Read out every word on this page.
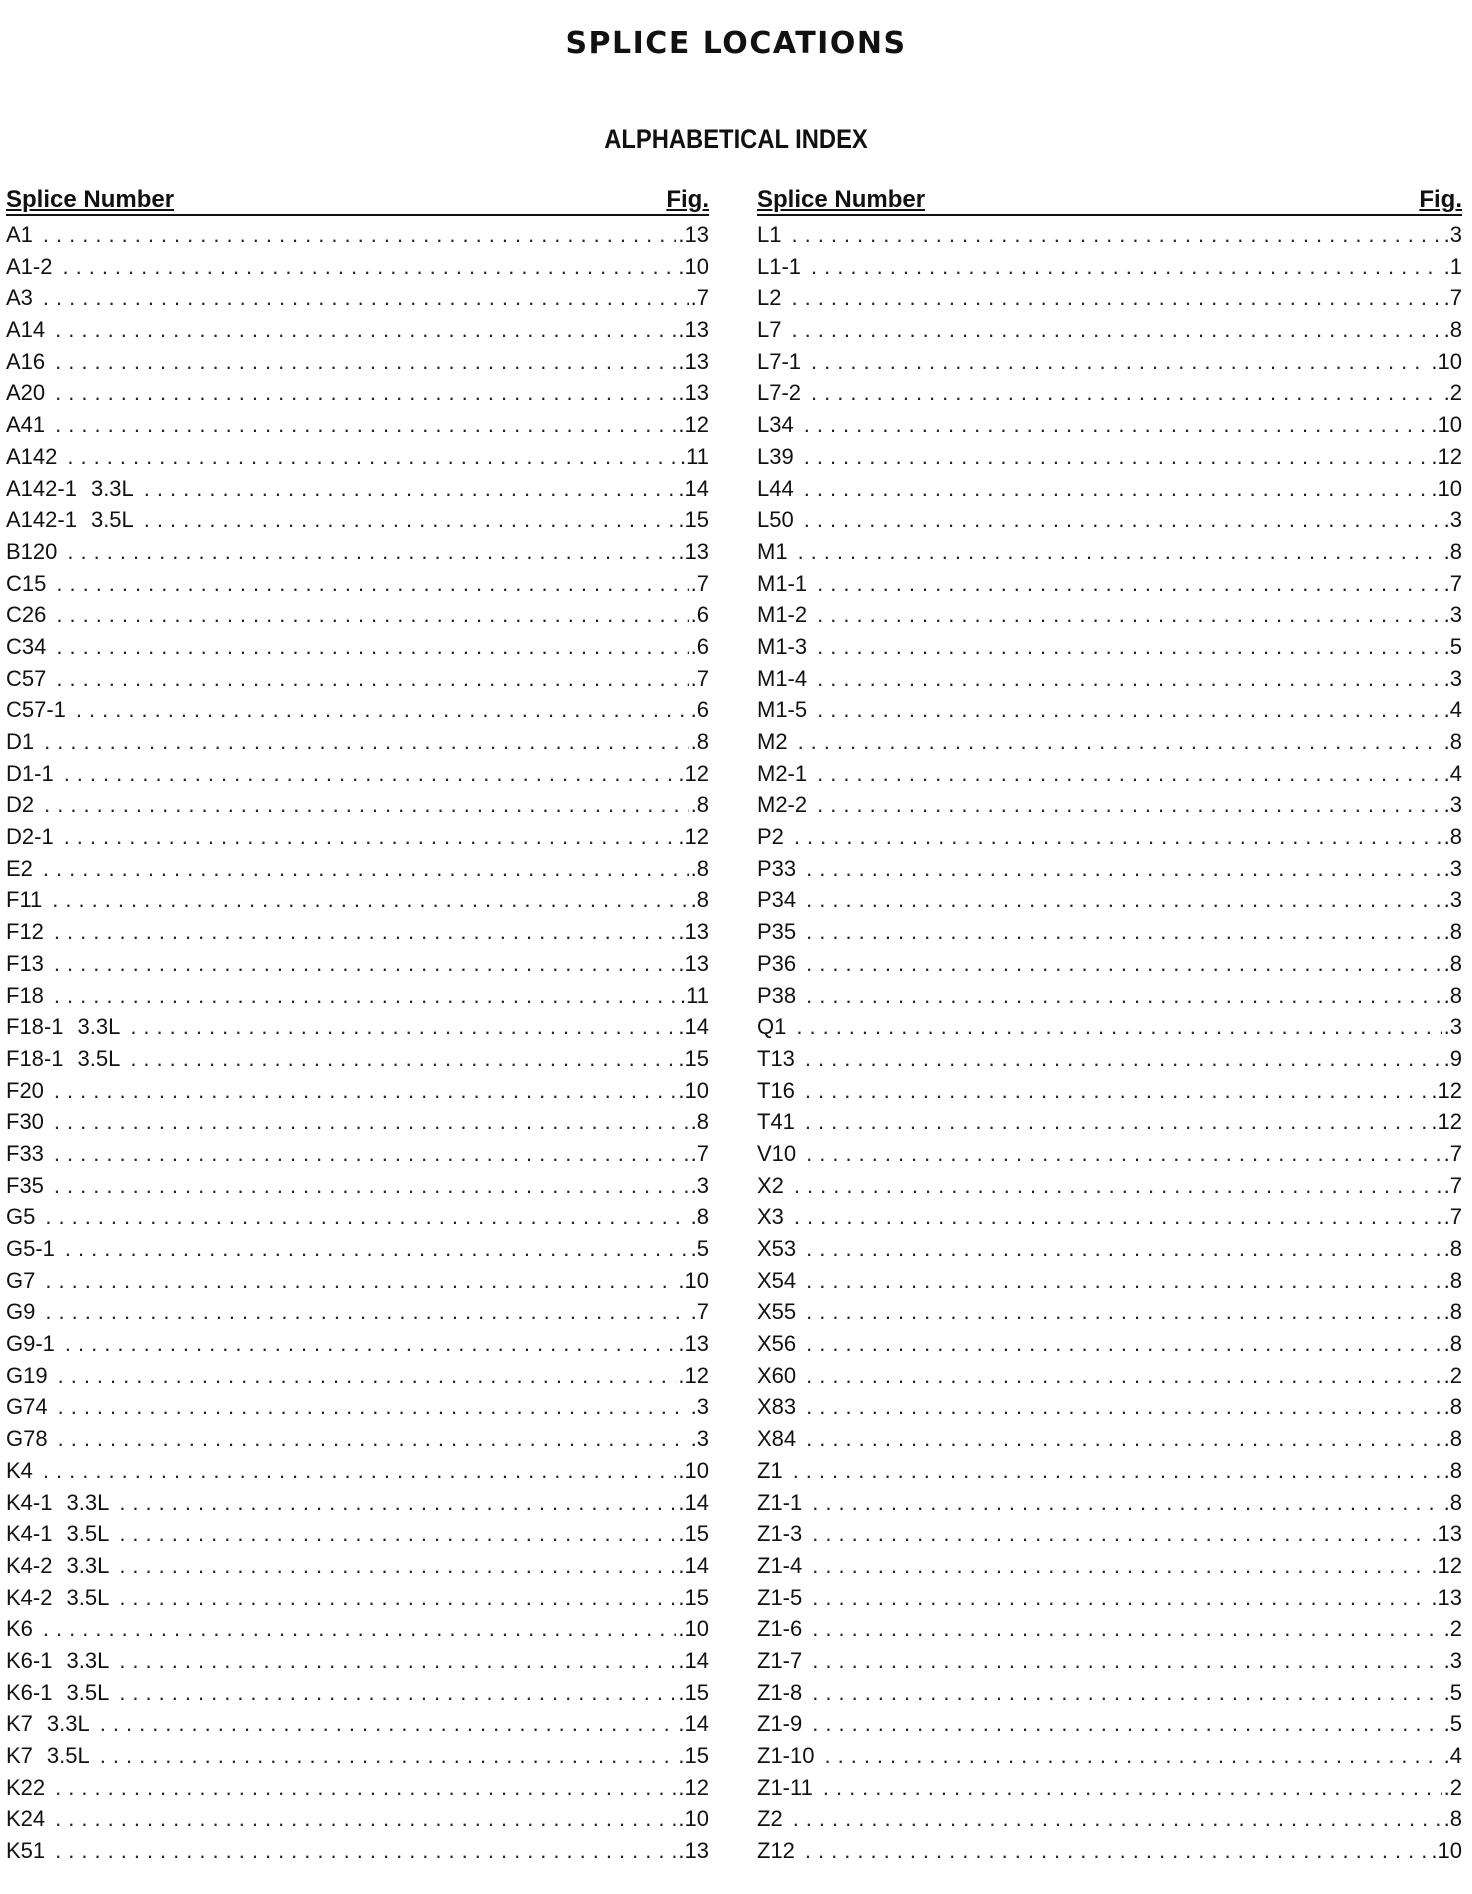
SPLICE LOCATIONS
ALPHABETICAL INDEX
Splice Number	Fig.
A1 .....	.13
A1-2 .....	.10
A3 .....	.7
A14 .....	.13
A16 .....	.13
A20 .....	.13
A41 .....	.12
A142 .....	.11
A142-1 3.3L .....	.14
A142-1 3.5L .....	.15
B120 .....	.13
C15 .....	.7
C26 .....	.6
C34 .....	.6
C57 .....	.7
C57-1 .....	.6
D1 .....	.8
D1-1 .....	.12
D2 .....	.8
D2-1 .....	.12
E2 .....	.8
F11 .....	.8
F12 .....	.13
F13 .....	.13
F18 .....	.11
F18-1 3.3L .....	.14
F18-1 3.5L .....	.15
F20 .....	.10
F30 .....	.8
F33 .....	.7
F35 .....	.3
G5 .....	.8
G5-1 .....	.5
G7 .....	.10
G9 .....	.7
G9-1 .....	.13
G19 .....	.12
G74 .....	.3
G78 .....	.3
K4 .....	.10
K4-1 3.3L .....	.14
K4-1 3.5L .....	.15
K4-2 3.3L .....	.14
K4-2 3.5L .....	.15
K6 .....	.10
K6-1 3.3L .....	.14
K6-1 3.5L .....	.15
K7 3.3L .....	.14
K7 3.5L .....	.15
K22 .....	.12
K24 .....	.10
K51 .....	.13
Splice Number	Fig.
L1 .....	.3
L1-1 .....	.1
L2 .....	.7
L7 .....	.8
L7-1 .....	.10
L7-2 .....	.2
L34 .....	.10
L39 .....	.12
L44 .....	.10
L50 .....	.3
M1 .....	.8
M1-1 .....	.7
M1-2 .....	.3
M1-3 .....	.5
M1-4 .....	.3
M1-5 .....	.4
M2 .....	.8
M2-1 .....	.4
M2-2 .....	.3
P2 .....	.8
P33 .....	.3
P34 .....	.3
P35 .....	.8
P36 .....	.8
P38 .....	.8
Q1 .....	.3
T13 .....	.9
T16 .....	.12
T41 .....	.12
V10 .....	.7
X2 .....	.7
X3 .....	.7
X53 .....	.8
X54 .....	.8
X55 .....	.8
X56 .....	.8
X60 .....	.2
X83 .....	.8
X84 .....	.8
Z1 .....	.8
Z1-1 .....	.8
Z1-3 .....	.13
Z1-4 .....	.12
Z1-5 .....	.13
Z1-6 .....	.2
Z1-7 .....	.3
Z1-8 .....	.5
Z1-9 .....	.5
Z1-10 .....	.4
Z1-11 .....	.2
Z2 .....	.8
Z12 .....	.10
